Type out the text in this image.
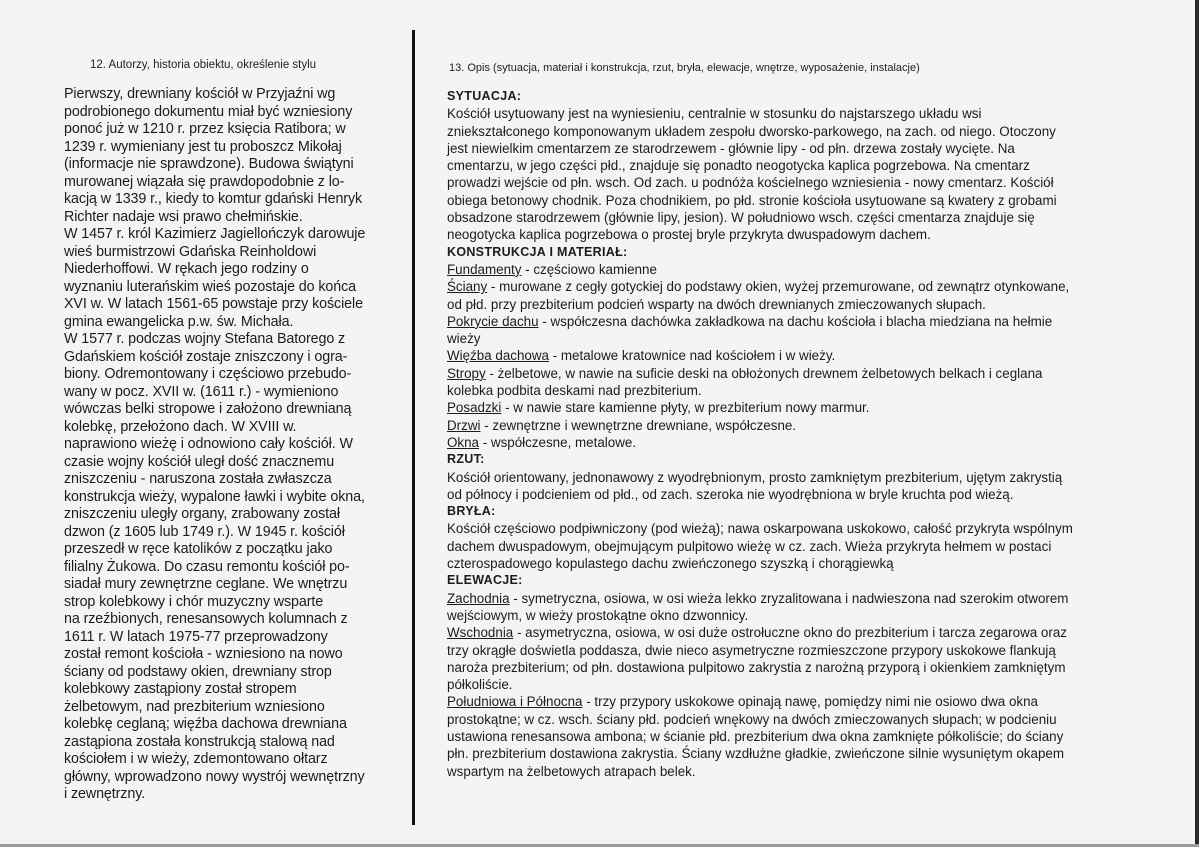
12. Autorzy, historia obiektu, określenie stylu
Pierwszy, drewniany kościół w Przyjaźni wg
podrobionego dokumentu miał być wzniesiony
ponoć już w 1210 r. przez księcia Ratibora; w
1239 r. wymieniany jest tu proboszcz Mikołaj
(informacje nie sprawdzone). Budowa świątyni
murowanej wiązała się prawdopodobnie z lo-
kacją w 1339 r., kiedy to komtur gdański Henryk
Richter nadaje wsi prawo chełmińskie.
W 1457 r. król Kazimierz Jagiellończyk darowuje
wieś burmistrzowi Gdańska Reinholdowi
Niederhoffowi. W rękach jego rodziny o
wyznaniu luterańskim wieś pozostaje do końca
XVI w. W latach 1561-65 powstaje przy kościele
gmina ewangelicka p.w. św. Michała.
W 1577 r. podczas wojny Stefana Batorego z
Gdańskiem kościół zostaje zniszczony i ogra-
biony. Odremontowany i częściowo przebudo-
wany w pocz. XVII w. (1611 r.) - wymieniono
wówczas belki stropowe i założono drewnianą
kolebkę, przełożono dach. W XVIII w.
naprawiono wieżę i odnowiono cały kościół. W
czasie wojny kościół uległ dość znacznemu
zniszczeniu - naruszona została zwłaszcza
konstrukcja wieży, wypalone ławki i wybite okna,
zniszczeniu uległy organy, zrabowany został
dzwon (z 1605 lub 1749 r.). W 1945 r. kościół
przeszedł w ręce katolików z początku jako
filialny Żukowa. Do czasu remontu kościół po-
siadał mury zewnętrzne ceglane. We wnętrzu
strop kolebkowy i chór muzyczny wsparte
na rzeźbionych, renesansowych kolumnach z
1611 r. W latach 1975-77 przeprowadzony
został remont kościoła - wzniesiono na nowo
ściany od podstawy okien, drewniany strop
kolebkowy zastąpiony został stropem
żelbetowym, nad prezbiterium wzniesiono
kolebkę ceglaną; więźba dachowa drewniana
zastąpiona została konstrukcją stalową nad
kościołem i w wieży, zdemontowano ołtarz
główny, wprowadzono nowy wystrój wewnętrzny
i zewnętrzny.
13. Opis (sytuacja, materiał i konstrukcja, rzut, bryła, elewacje, wnętrze, wyposażenie, instalacje)
SYTUACJA:
Kościół usytuowany jest na wyniesieniu, centralnie w stosunku do najstarszego układu wsi
zniekształconego komponowanym układem zespołu dworsko-parkowego, na zach. od niego. Otoczony
jest niewielkim cmentarzem ze starodrzewem - głównie lipy - od płn. drzewa zostały wycięte. Na
cmentarzu, w jego części płd., znajduje się ponadto neogotycka kaplica pogrzebowa. Na cmentarz
prowadzi wejście od płn. wsch. Od zach. u podnóża kościelnego wzniesienia - nowy cmentarz. Kościół
obiega betonowy chodnik. Poza chodnikiem, po płd. stronie kościoła usytuowane są kwatery z grobami
obsadzone starodrzewem (głównie lipy, jesion). W południowo wsch. części cmentarza znajduje się
neogotycka kaplica pogrzebowa o prostej bryle przykryta dwuspadowym dachem.
KONSTRUKCJA I MATERIAŁ:
Fundamenty - częściowo kamienne
Ściany - murowane z cegły gotyckiej do podstawy okien, wyżej przemurowane, od zewnątrz otynkowane,
od płd. przy prezbiterium podcień wsparty na dwóch drewnianych zmieczowanych słupach.
Pokrycie dachu - współczesna dachówka zakładkowa na dachu kościoła i blacha miedziana na hełmie
wieży
Więźba dachowa - metalowe kratownice nad kościołem i w wieży.
Stropy - żelbetowe, w nawie na suficie deski na obłożonych drewnem żelbetowych belkach i ceglana
kolebka podbita deskami nad prezbiterium.
Posadzki - w nawie stare kamienne płyty, w prezbiterium nowy marmur.
Drzwi - zewnętrzne i wewnętrzne drewniane, współczesne.
Okna - współczesne, metalowe.
RZUT:
Kościół orientowany, jednonawowy z wyodrębnionym, prosto zamkniętym prezbiterium, ujętym zakrystią
od północy i podcieniem od płd., od zach. szeroka nie wyodrębniona w bryle kruchta pod wieżą.
BRYŁA:
Kościół częściowo podpiwniczony (pod wieżą); nawa oskarpowana uskokowo, całość przykryta wspólnym
dachem dwuspadowym, obejmującym pulpitowo wieżę w cz. zach. Wieża przykryta hełmem w postaci
czterospadowego kopulastego dachu zwieńczonego szyszką i chorągiewką
ELEWACJE:
Zachodnia - symetryczna, osiowa, w osi wieża lekko zryzalitowana i nadwieszona nad szerokim otworem
wejściowym, w wieży prostokątne okno dzwonnicy.
Wschodnia - asymetryczna, osiowa, w osi duże ostrołuczne okno do prezbiterium i tarcza zegarowa oraz
trzy okrągłe doświetla poddasza, dwie nieco asymetryczne rozmieszczone przypory uskokowe flankują
naroża prezbiterium; od płn. dostawiona pulpitowo zakrystia z narożną przyporą i okienkiem zamkniętym
półkoliście.
Południowa i Północna - trzy przypory uskokowe opinają nawę, pomiędzy nimi nie osiowo dwa okna
prostokątne; w cz. wsch. ściany płd. podcień wnękowy na dwóch zmieczowanych słupach; w podcieniu
ustawiona renesansowa ambona; w ścianie płd. prezbiterium dwa okna zamknięte półkoliście; do ściany
płn. prezbiterium dostawiona zakrystia. Ściany wzdłużne gładkie, zwieńczone silnie wysuniętym okapem
wspartym na żelbetowych atrapach belek.
